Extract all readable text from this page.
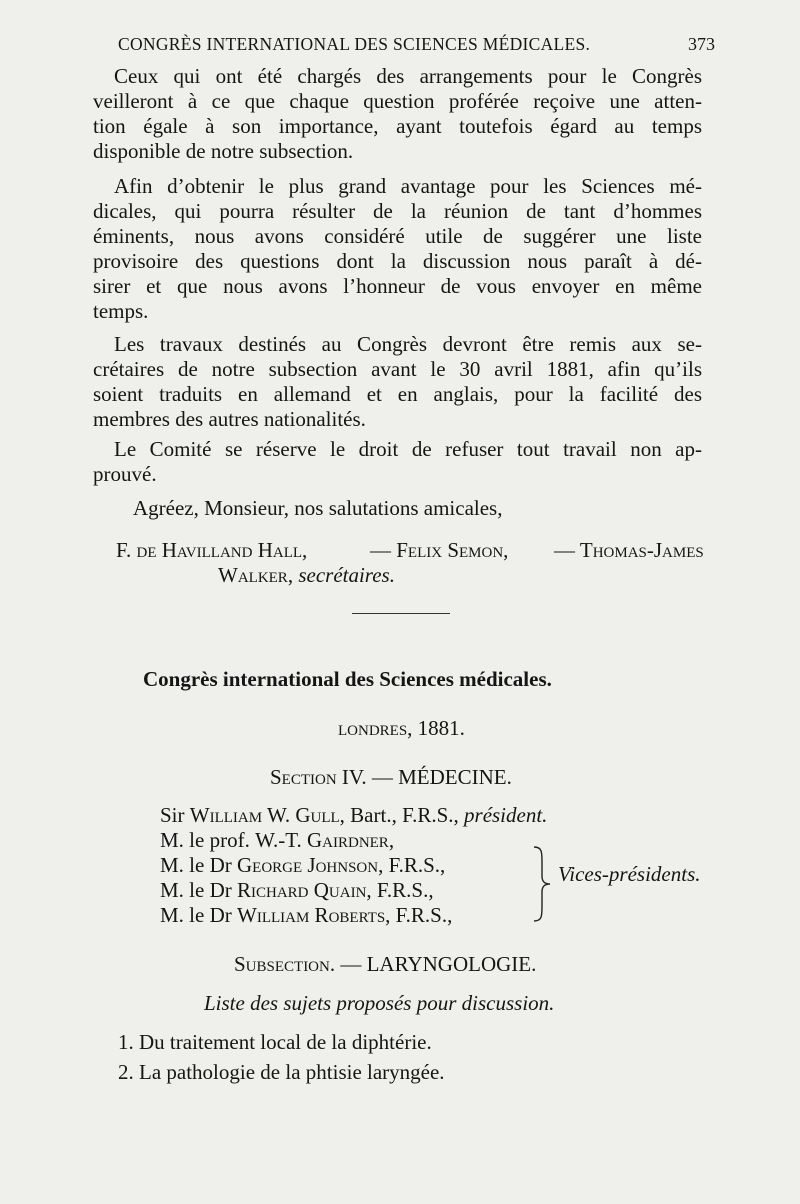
CONGRÈS INTERNATIONAL DES SCIENCES MÉDICALES.	373
Ceux qui ont été chargés des arrangements pour le Congrès
veilleront à ce que chaque question proférée reçoive une atten-
tion égale à son importance, ayant toutefois égard au temps
disponible de notre subsection.
Afin d’obtenir le plus grand avantage pour les Sciences mé-
dicales, qui pourra résulter de la réunion de tant d’hommes
éminents, nous avons considéré utile de suggérer une liste
provisoire des questions dont la discussion nous paraît à dé-
sirer et que nous avons l’honneur de vous envoyer en même
temps.
Les travaux destinés au Congrès devront être remis aux se-
crétaires de notre subsection avant le 30 avril 1881, afin qu’ils
soient traduits en allemand et en anglais, pour la facilité des
membres des autres nationalités.
Le Comité se réserve le droit de refuser tout travail non ap-
prouvé.
Agréez, Monsieur, nos salutations amicales,
F. de Havilland Hall,	— Felix Semon, — Thomas-James
Walker, secrétaires.
Congrès international des Sciences médicales.
londres, 1881.
Section IV. — MÉDECINE.
Sir William W. Gull, Bart., F.R.S., président.
M. le prof. W.-T. Gairdner,
M. le Dr George Johnson, F.R.S.,
M. le Dr Richard Quain, F.R.S.,
M. le Dr William Roberts, F.R.S.,
Vices-présidents.
Subsection. — LARYNGOLOGIE.
Liste des sujets proposés pour discussion.
1. Du traitement local de la diphtérie.
2. La pathologie de la phtisie laryngée.
